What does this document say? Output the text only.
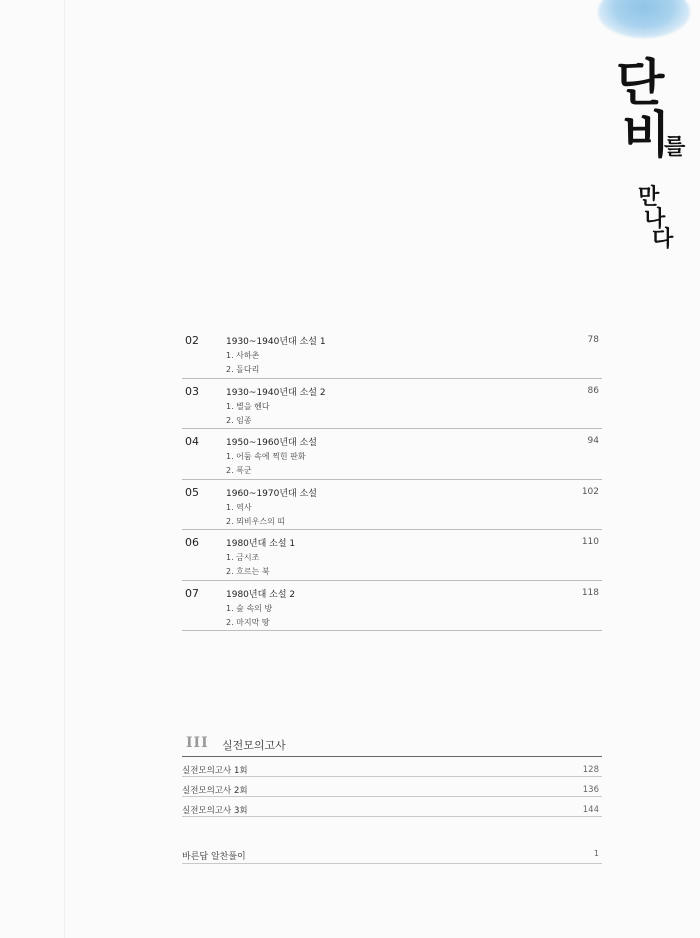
단
비
를
만
나
다
02	1930~1940년대 소설 1	78
1. 사하촌
2. 돌다리
03	1930~1940년대 소설 2	86
1. 별을 헨다
2. 임종
04	1950~1960년대 소설	94
1. 어둠 속에 찍힌 판화
2. 폭군
05	1960~1970년대 소설	102
1. 역사
2. 뫼비우스의 띠
06	1980년대 소설 1	110
1. 금시조
2. 흐르는 북
07	1980년대 소설 2	118
1. 숲 속의 방
2. 마지막 땅
III	실전모의고사
실전모의고사 1회	128
실전모의고사 2회	136
실전모의고사 3회	144
바른답 알찬풀이	1
